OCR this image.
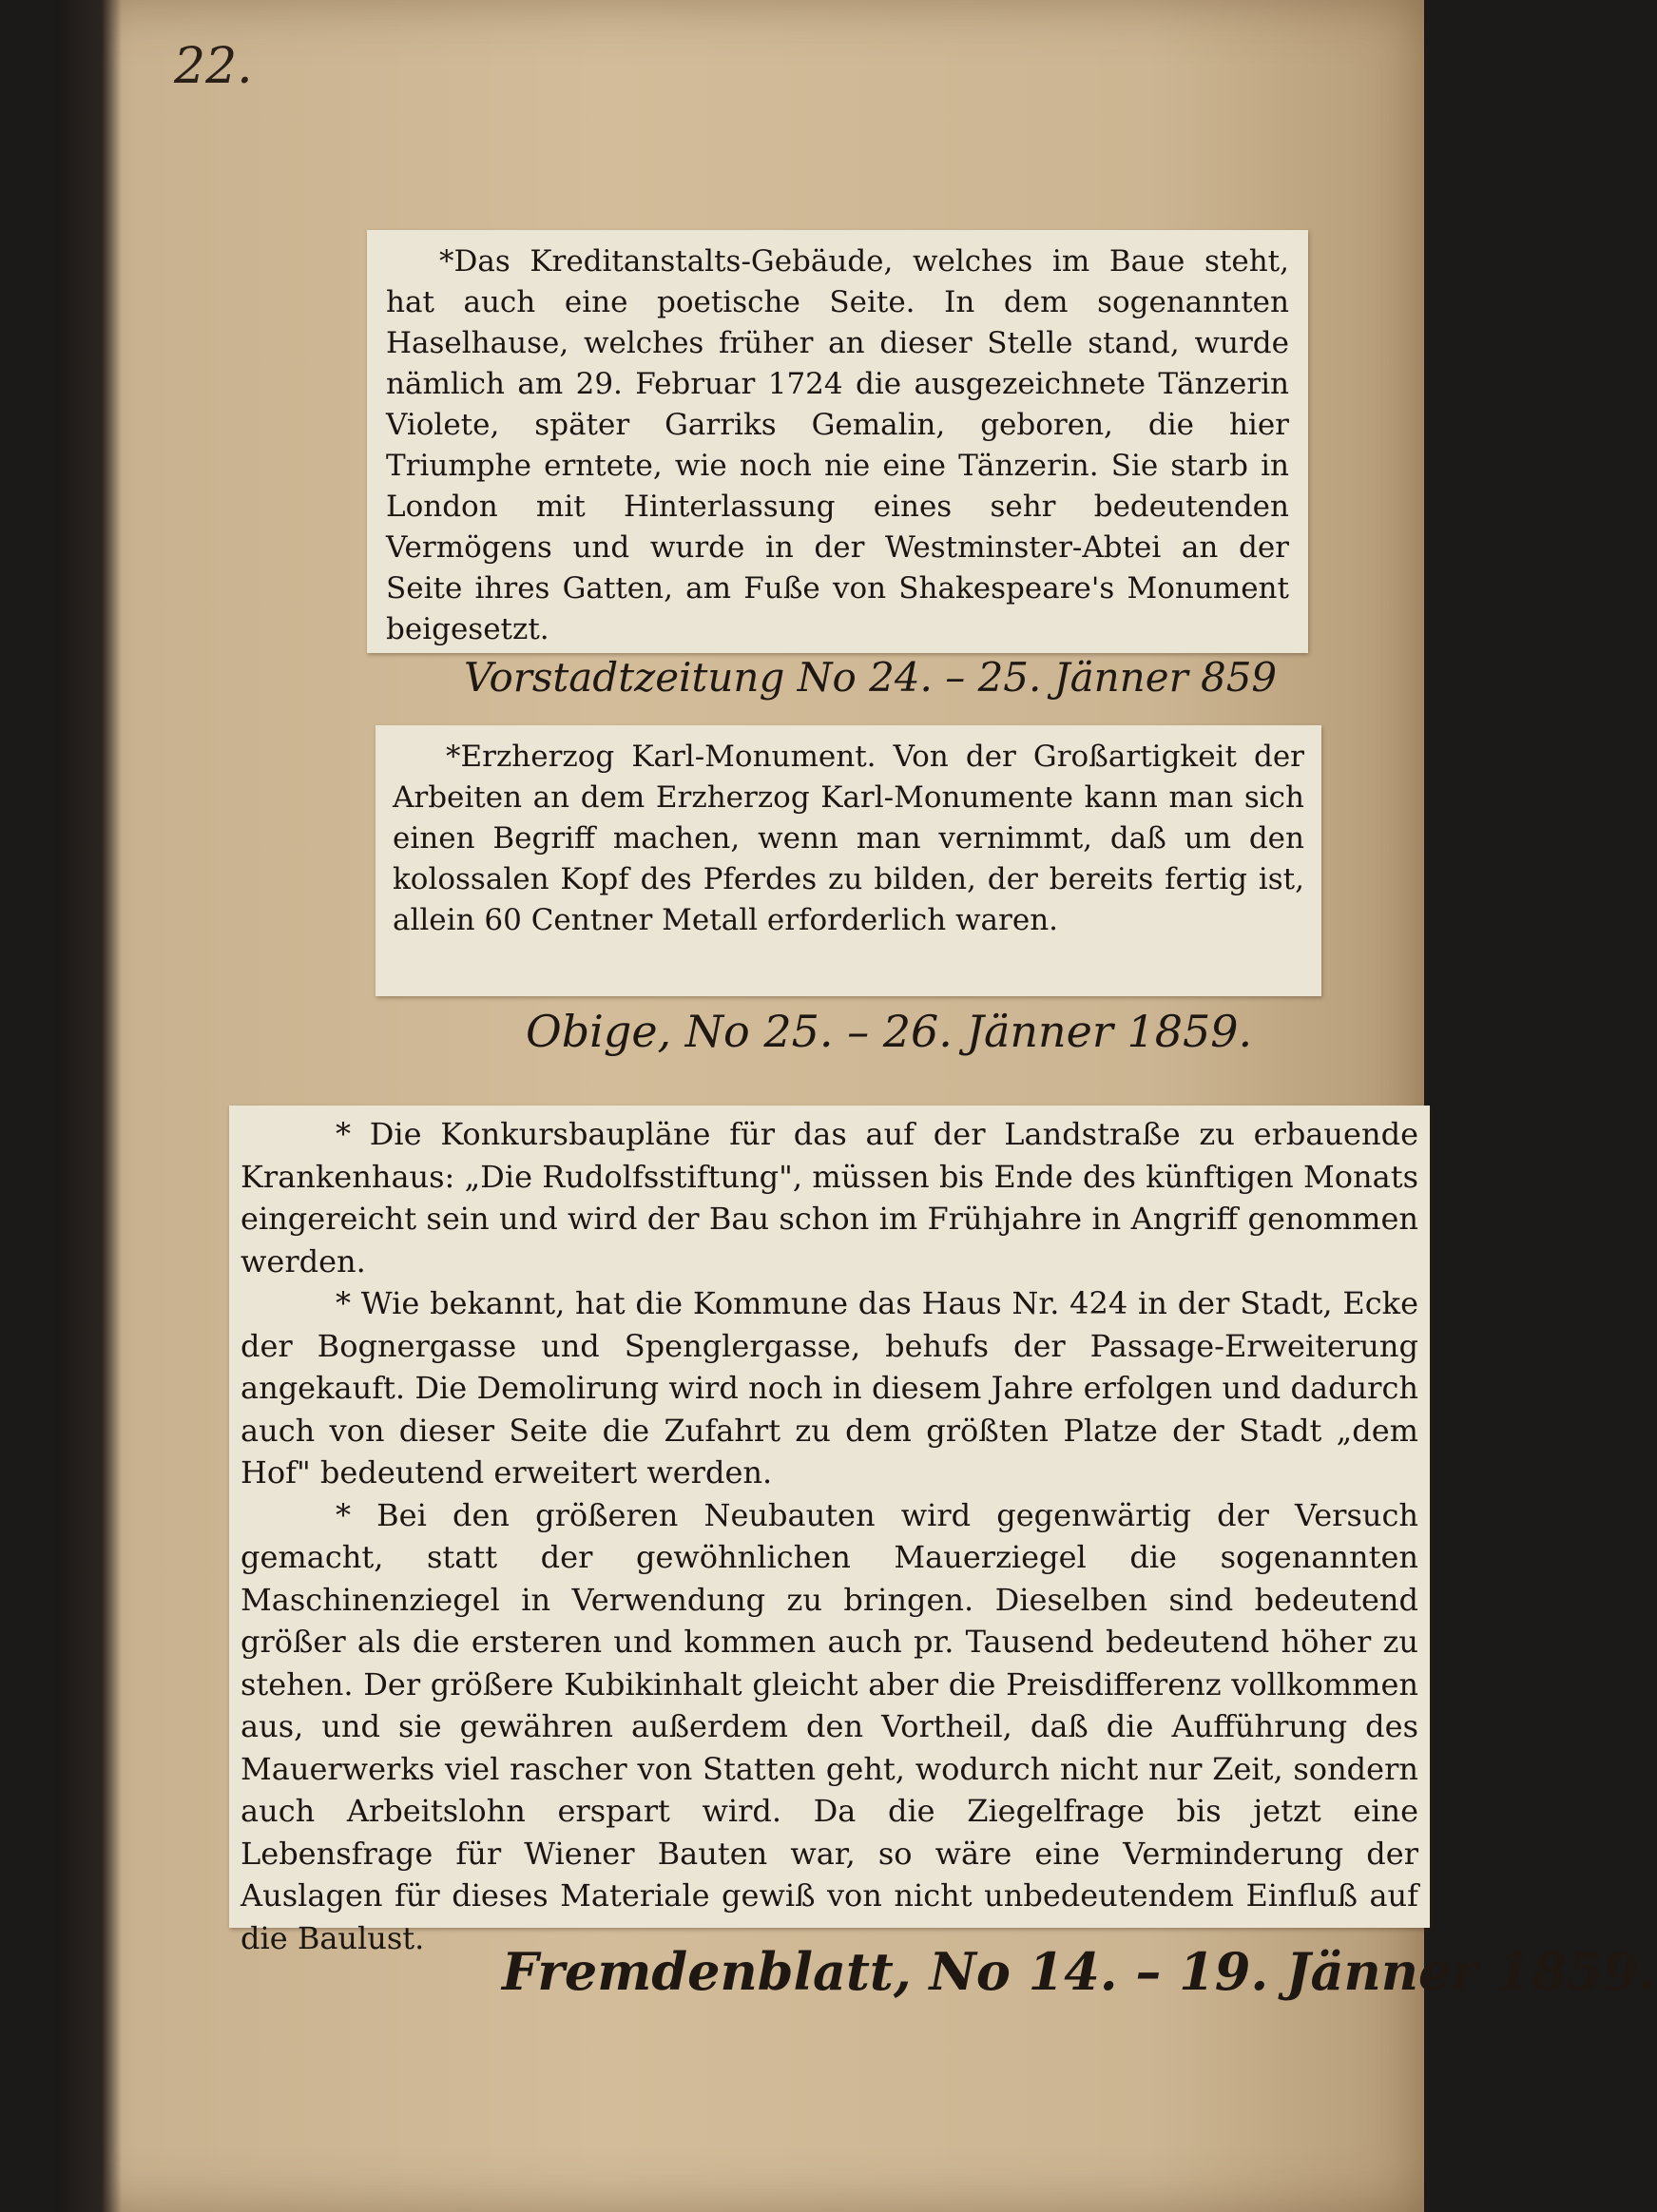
22.

*Das Kreditanstalts-Gebäude, welches im Baue steht, hat auch eine poetische Seite. In dem sogenannten Haselhause, welches früher an dieser Stelle stand, wurde nämlich am 29. Februar 1724 die ausgezeichnete Tänzerin Violete, später Garriks Gemalin, geboren, die hier Triumphe erntete, wie noch nie eine Tänzerin. Sie starb in London mit Hinterlassung eines sehr bedeutenden Vermögens und wurde in der Westminster-Abtei an der Seite ihres Gatten, am Fuße von Shakespeare's Monument beigesetzt.

Vorstadtzeitung No 24. – 25. Jänner 859

*Erzherzog Karl-Monument. Von der Großartigkeit der Arbeiten an dem Erzherzog Karl-Monumente kann man sich einen Begriff machen, wenn man vernimmt, daß um den kolossalen Kopf des Pferdes zu bilden, der bereits fertig ist, allein 60 Centner Metall erforderlich waren.

Obige, No 25. – 26. Jänner 1859.

* Die Konkursbaupläne für das auf der Landstraße zu erbauende Krankenhaus: „Die Rudolfsstiftung", müssen bis Ende des künftigen Monats eingereicht sein und wird der Bau schon im Frühjahre in Angriff genommen werden.

* Wie bekannt, hat die Kommune das Haus Nr. 424 in der Stadt, Ecke der Bognergasse und Spenglergasse, behufs der Passage-Erweiterung angekauft. Die Demolirung wird noch in diesem Jahre erfolgen und dadurch auch von dieser Seite die Zufahrt zu dem größten Platze der Stadt „dem Hof" bedeutend erweitert werden.

* Bei den größeren Neubauten wird gegenwärtig der Versuch gemacht, statt der gewöhnlichen Mauerziegel die sogenannten Maschinenziegel in Verwendung zu bringen. Dieselben sind bedeutend größer als die ersteren und kommen auch pr. Tausend bedeutend höher zu stehen. Der größere Kubikinhalt gleicht aber die Preisdifferenz vollkommen aus, und sie gewähren außerdem den Vortheil, daß die Aufführung des Mauerwerks viel rascher von Statten geht, wodurch nicht nur Zeit, sondern auch Arbeitslohn erspart wird. Da die Ziegelfrage bis jetzt eine Lebensfrage für Wiener Bauten war, so wäre eine Verminderung der Auslagen für dieses Materiale gewiß von nicht unbedeutendem Einfluß auf die Baulust.

Fremdenblatt, No 14. – 19. Jänner 1859.
